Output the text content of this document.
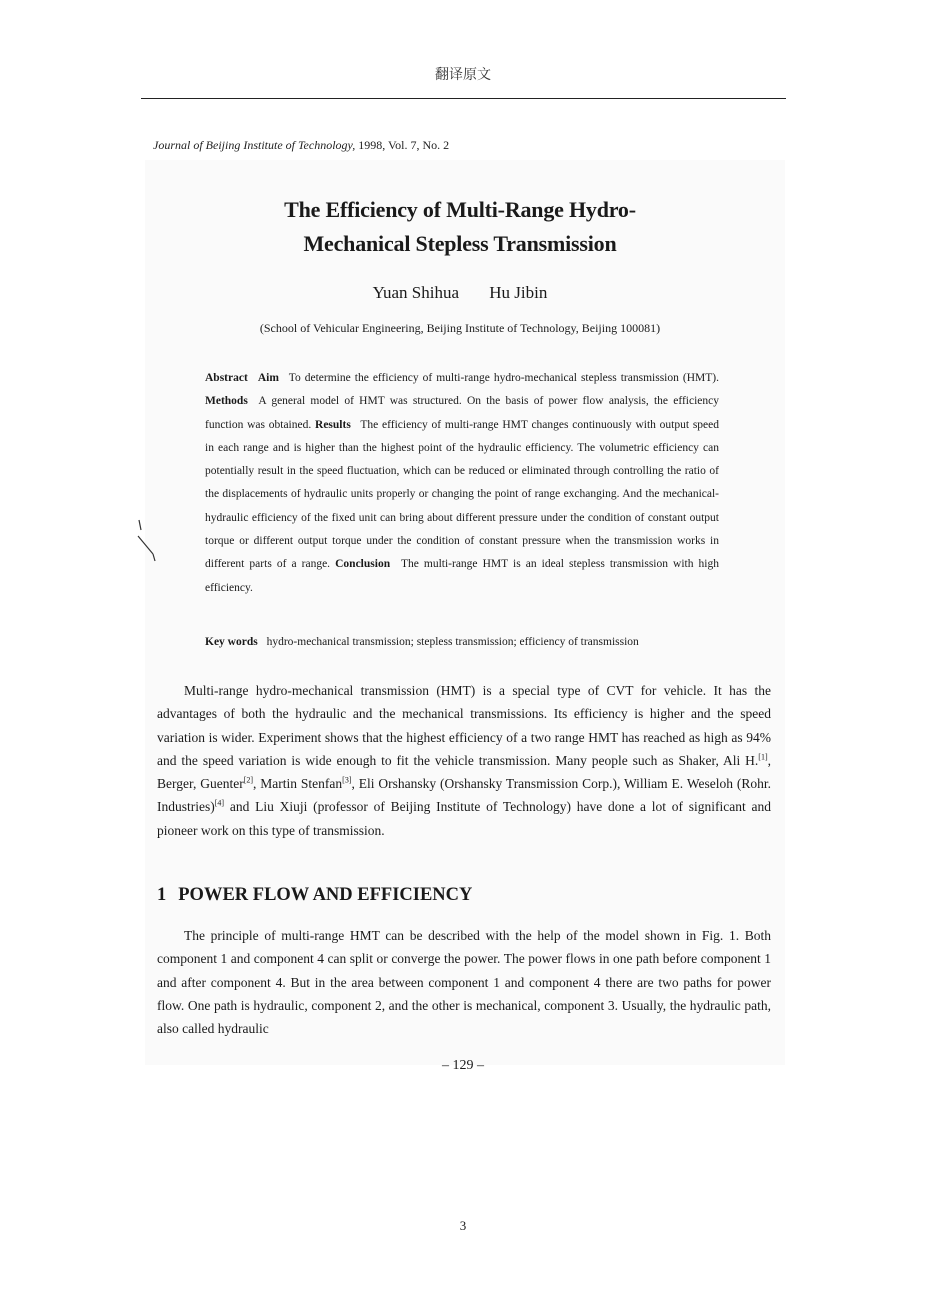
翻译原文
Journal of Beijing Institute of Technology, 1998, Vol. 7, No. 2
The Efficiency of Multi-Range Hydro-
Mechanical Stepless Transmission
Yuan Shihua Hu Jibin
(School of Vehicular Engineering, Beijing Institute of Technology, Beijing 100081)
Abstract Aim To determine the efficiency of multi-range hydro-mechanical stepless transmission (HMT). Methods A general model of HMT was structured. On the basis of power flow analysis, the efficiency function was obtained. Results The efficiency of multi-range HMT changes continuously with output speed in each range and is higher than the highest point of the hydraulic efficiency. The volumetric efficiency can potentially result in the speed fluctuation, which can be reduced or eliminated through controlling the ratio of the displacements of hydraulic units properly or changing the point of range exchanging. And the mechanical-hydraulic efficiency of the fixed unit can bring about different pressure under the condition of constant output torque or different output torque under the condition of constant pressure when the transmission works in different parts of a range. Conclusion The multi-range HMT is an ideal stepless transmission with high efficiency.
Key words hydro-mechanical transmission; stepless transmission; efficiency of transmission
Multi-range hydro-mechanical transmission (HMT) is a special type of CVT for vehicle. It has the advantages of both the hydraulic and the mechanical transmissions. Its efficiency is higher and the speed variation is wider. Experiment shows that the highest efficiency of a two range HMT has reached as high as 94% and the speed variation is wide enough to fit the vehicle transmission. Many people such as Shaker, Ali H.[1], Berger, Guenter[2], Martin Stenfan[3], Eli Orshansky (Orshansky Transmission Corp.), William E. Weseloh (Rohr. Industries)[4] and Liu Xiuji (professor of Beijing Institute of Technology) have done a lot of significant and pioneer work on this type of transmission.
1 POWER FLOW AND EFFICIENCY
The principle of multi-range HMT can be described with the help of the model shown in Fig. 1. Both component 1 and component 4 can split or converge the power. The power flows in one path before component 1 and after component 4. But in the area between component 1 and component 4 there are two paths for power flow. One path is hydraulic, component 2, and the other is mechanical, component 3. Usually, the hydraulic path, also called hydraulic
– 129 –
3
